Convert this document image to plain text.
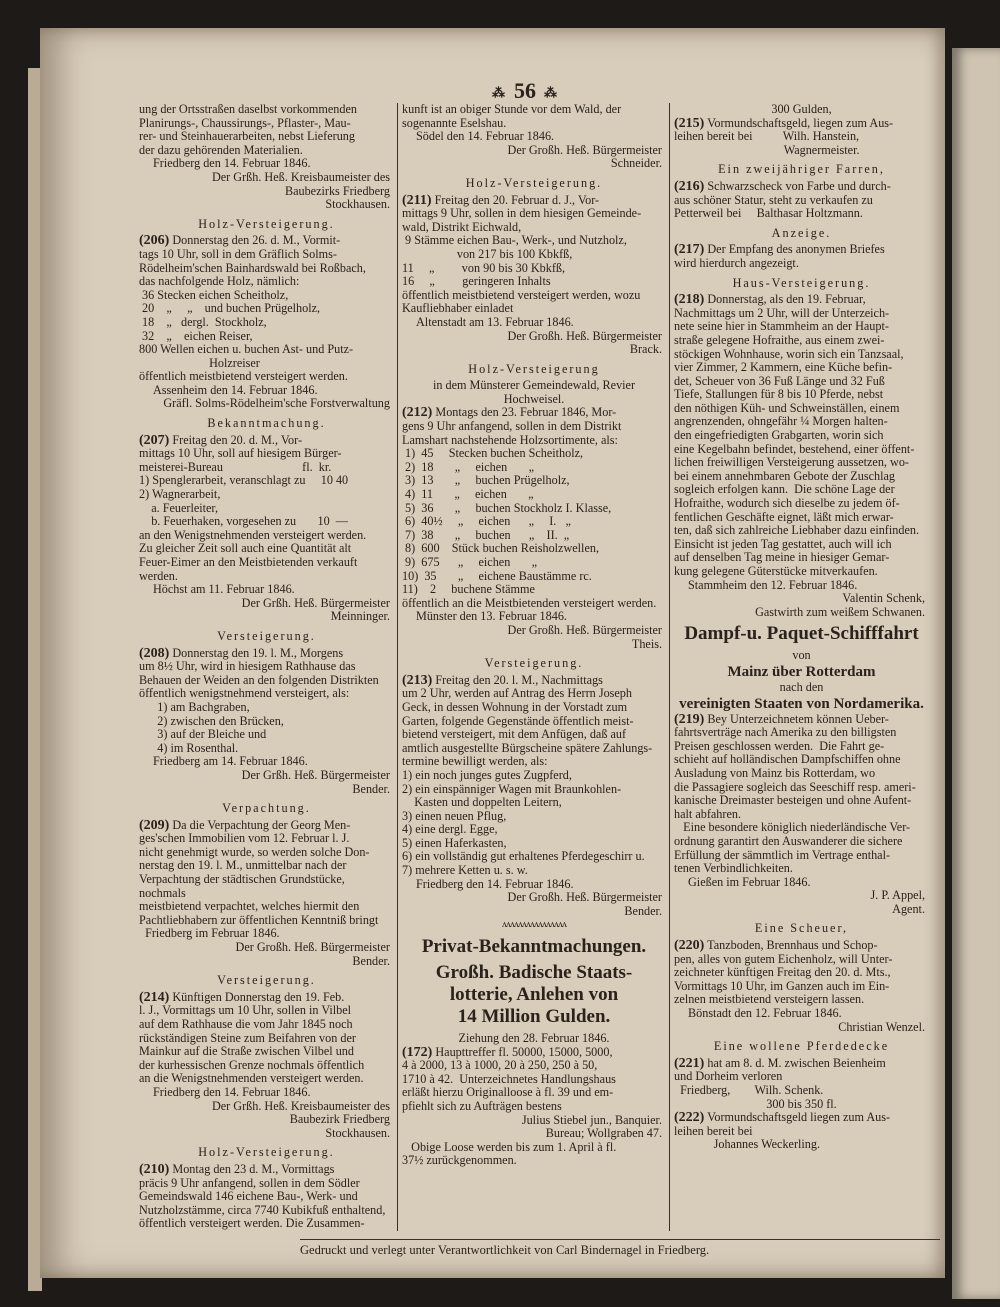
⁂ 56 ⁂
ung der Ortsstraßen daselbst vorkommenden
Planirungs-, Chaussirungs-, Pflaster-, Mau-
rer- und Steinhauerarbeiten, nebst Lieferung
der dazu gehörenden Materialien.
Friedberg den 14. Februar 1846.
Der Grßh. Heß. Kreisbaumeister des
Baubezirks Friedberg
Stockhausen.
Holz-Versteigerung.
(206) Donnerstag den 26. d. M., Vormit-
tags 10 Uhr, soll in dem Gräflich Solms-
Rödelheim'schen Bainhardswald bei Roßbach,
das nachfolgende Holz, nämlich:
36 Stecken eichen Scheitholz,
20    „     „    und buchen Prügelholz,
18    „   dergl.  Stockholz,
32    „    eichen Reiser,
800 Wellen eichen u. buchen Ast- und Putz-
Holzreiser
öffentlich meistbietend versteigert werden.
Assenheim den 14. Februar 1846.
Gräfl. Solms-Rödelheim'sche Forstverwaltung
Bekanntmachung.
(207) Freitag den 20. d. M., Vor-
mittags 10 Uhr, soll auf hiesigem Bürger-
meisterei-Bureau                          fl.  kr.
1) Spenglerarbeit, veranschlagt zu     10 40
2) Wagnerarbeit,
a. Feuerleiter,
b. Feuerhaken, vorgesehen zu       10  —
an den Wenigstnehmenden versteigert werden.
Zu gleicher Zeit soll auch eine Quantität alt
Feuer-Eimer an den Meistbietenden verkauft
werden.
Höchst am 11. Februar 1846.
Der Grßh. Heß. Bürgermeister
Meinninger.
Versteigerung.
(208) Donnerstag den 19. l. M., Morgens
um 8½ Uhr, wird in hiesigem Rathhause das
Behauen der Weiden an den folgenden Distrikten
öffentlich wenigstnehmend versteigert, als:
1) am Bachgraben,
2) zwischen den Brücken,
3) auf der Bleiche und
4) im Rosenthal.
Friedberg am 14. Februar 1846.
Der Grßh. Heß. Bürgermeister
Bender.
Verpachtung.
(209) Da die Verpachtung der Georg Men-
ges'schen Immobilien vom 12. Februar l. J.
nicht genehmigt wurde, so werden solche Don-
nerstag den 19. l. M., unmittelbar nach der
Verpachtung der städtischen Grundstücke, nochmals
meistbietend verpachtet, welches hiermit den
Pachtliebhabern zur öffentlichen Kenntniß bringt
Friedberg im Februar 1846.
Der Großh. Heß. Bürgermeister
Bender.
Versteigerung.
(214) Künftigen Donnerstag den 19. Feb.
l. J., Vormittags um 10 Uhr, sollen in Vilbel
auf dem Rathhause die vom Jahr 1845 noch
rückständigen Steine zum Beifahren von der
Mainkur auf die Straße zwischen Vilbel und
der kurhessischen Grenze nochmals öffentlich
an die Wenigstnehmenden versteigert werden.
Friedberg den 14. Februar 1846.
Der Grßh. Heß. Kreisbaumeister des
Baubezirk Friedberg
Stockhausen.
Holz-Versteigerung.
(210) Montag den 23 d. M., Vormittags
präcis 9 Uhr anfangend, sollen in dem Södler
Gemeindswald 146 eichene Bau-, Werk- und
Nutzholzstämme, circa 7740 Kubikfuß enthaltend,
öffentlich versteigert werden. Die Zusammen-
kunft ist an obiger Stunde vor dem Wald, der
sogenannte Eselshau.
Södel den 14. Februar 1846.
Der Großh. Heß. Bürgermeister
Schneider.
Holz-Versteigerung.
(211) Freitag den 20. Februar d. J., Vor-
mittags 9 Uhr, sollen in dem hiesigen Gemeinde-
wald, Distrikt Eichwald,
9 Stämme eichen Bau-, Werk-, und Nutzholz,
von 217 bis 100 Kbkfß,
11     „         von 90 bis 30 Kbkfß,
16     „         geringeren Inhalts
öffentlich meistbietend versteigert werden, wozu
Kaufliebhaber einladet
Altenstadt am 13. Februar 1846.
Der Großh. Heß. Bürgermeister
Brack.
Holz-Versteigerung
in dem Münsterer Gemeindewald, Revier
Hochweisel.
(212) Montags den 23. Februar 1846, Mor-
gens 9 Uhr anfangend, sollen in dem Distrikt
Lamshart nachstehende Holzsortimente, als:
1)  45     Stecken buchen Scheitholz,
2)  18       „     eichen       „
3)  13       „     buchen Prügelholz,
4)  11       „     eichen       „
5)  36       „     buchen Stockholz I. Klasse,
6)  40½     „     eichen      „     I.   „
7)  38       „     buchen      „    II.  „
8)  600    Stück buchen Reisholzwellen,
9)  675      „     eichen       „
10)  35       „     eichene Baustämme rc.
11)    2     buchene Stämme
öffentlich an die Meistbietenden versteigert werden.
Münster den 13. Februar 1846.
Der Großh. Heß. Bürgermeister
Theis.
Versteigerung.
(213) Freitag den 20. l. M., Nachmittags
um 2 Uhr, werden auf Antrag des Herrn Joseph
Geck, in dessen Wohnung in der Vorstadt zum
Garten, folgende Gegenstände öffentlich meist-
bietend versteigert, mit dem Anfügen, daß auf
amtlich ausgestellte Bürgscheine spätere Zahlungs-
termine bewilligt werden, als:
1) ein noch junges gutes Zugpferd,
2) ein einspänniger Wagen mit Braunkohlen-
Kasten und doppelten Leitern,
3) einen neuen Pflug,
4) eine dergl. Egge,
5) einen Haferkasten,
6) ein vollständig gut erhaltenes Pferdegeschirr u.
7) mehrere Ketten u. s. w.
Friedberg den 14. Februar 1846.
Der Großh. Heß. Bürgermeister
Bender.
ʌʌʌʌʌʌʌʌʌʌʌʌʌʌʌʌ
Privat-Bekanntmachungen.
Großh. Badische Staats-
lotterie, Anlehen von
14 Million Gulden.
Ziehung den 28. Februar 1846.
(172) Haupttreffer fl. 50000, 15000, 5000,
4 à 2000, 13 à 1000, 20 à 250, 250 à 50,
1710 à 42.  Unterzeichnetes Handlungshaus
erläßt hierzu Originalloose à fl. 39 und em-
pfiehlt sich zu Aufträgen bestens
Julius Stiebel jun., Banquier.
Bureau; Wollgraben 47.
Obige Loose werden bis zum 1. April à fl.
37½ zurückgenommen.
300 Gulden,
(215) Vormundschaftsgeld, liegen zum Aus-
leihen bereit bei          Wilh. Hanstein,
Wagnermeister.
Ein zweijähriger Farren,
(216) Schwarzscheck von Farbe und durch-
aus schöner Statur, steht zu verkaufen zu
Petterweil bei     Balthasar Holtzmann.
Anzeige.
(217) Der Empfang des anonymen Briefes
wird hierdurch angezeigt.
Haus-Versteigerung.
(218) Donnerstag, als den 19. Februar,
Nachmittags um 2 Uhr, will der Unterzeich-
nete seine hier in Stammheim an der Haupt-
straße gelegene Hofraithe, aus einem zwei-
stöckigen Wohnhause, worin sich ein Tanzsaal,
vier Zimmer, 2 Kammern, eine Küche befin-
det, Scheuer von 36 Fuß Länge und 32 Fuß
Tiefe, Stallungen für 8 bis 10 Pferde, nebst
den nöthigen Küh- und Schweinställen, einem
angrenzenden, ohngefähr ¼ Morgen halten-
den eingefriedigten Grabgarten, worin sich
eine Kegelbahn befindet, bestehend, einer öffent-
lichen freiwilligen Versteigerung aussetzen, wo-
bei einem annehmbaren Gebote der Zuschlag
sogleich erfolgen kann.  Die schöne Lage der
Hofraithe, wodurch sich dieselbe zu jedem öf-
fentlichen Geschäfte eignet, läßt mich erwar-
ten, daß sich zahlreiche Liebhaber dazu einfinden.
Einsicht ist jeden Tag gestattet, auch will ich
auf denselben Tag meine in hiesiger Gemar-
kung gelegene Güterstücke mitverkaufen.
Stammheim den 12. Februar 1846.
Valentin Schenk,
Gastwirth zum weißem Schwanen.
Dampf-u. Paquet-Schifffahrt
von
Mainz über Rotterdam
nach den
vereinigten Staaten von Nordamerika.
(219) Bey Unterzeichnetem können Ueber-
fahrtsverträge nach Amerika zu den billigsten
Preisen geschlossen werden.  Die Fahrt ge-
schieht auf holländischen Dampfschiffen ohne
Ausladung von Mainz bis Rotterdam, wo
die Passagiere sogleich das Seeschiff resp. ameri-
kanische Dreimaster besteigen und ohne Aufent-
halt abfahren.
Eine besondere königlich niederländische Ver-
ordnung garantirt den Auswanderer die sichere
Erfüllung der sämmtlich im Vertrage enthal-
tenen Verbindlichkeiten.
Gießen im Februar 1846.
J. P. Appel,
Agent.
Eine Scheuer,
(220) Tanzboden, Brennhaus und Schop-
pen, alles von gutem Eichenholz, will Unter-
zeichneter künftigen Freitag den 20. d. Mts.,
Vormittags 10 Uhr, im Ganzen auch im Ein-
zelnen meistbietend versteigern lassen.
Bönstadt den 12. Februar 1846.
Christian Wenzel.
Eine wollene Pferdedecke
(221) hat am 8. d. M. zwischen Beienheim
und Dorheim verloren
Friedberg,        Wilh. Schenk.
300 bis 350 fl.
(222) Vormundschaftsgeld liegen zum Aus-
leihen bereit bei
Johannes Weckerling.
Gedruckt und verlegt unter Verantwortlichkeit von Carl Bindernagel in Friedberg.
